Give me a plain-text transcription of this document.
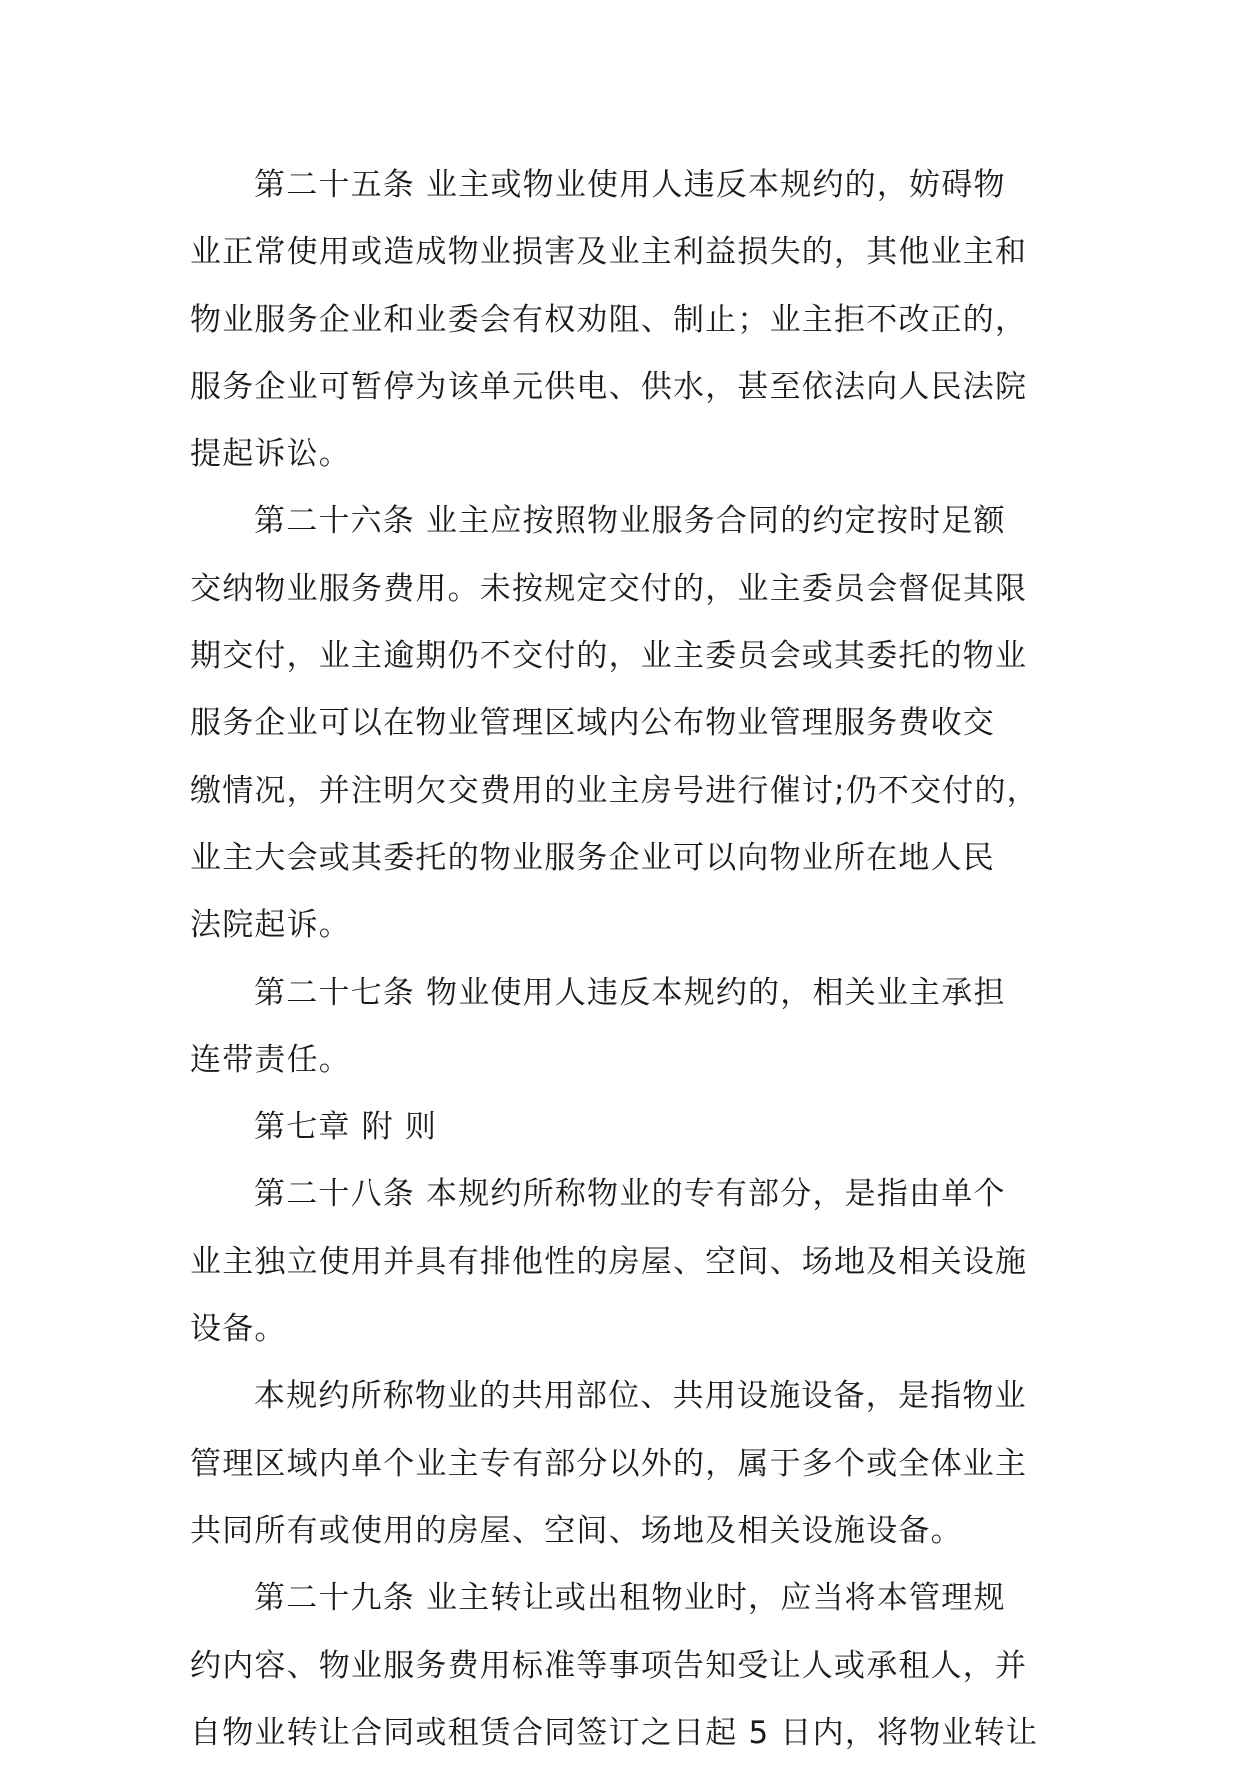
第二十五条 业主或物业使用人违反本规约的，妨碍物
业正常使用或造成物业损害及业主利益损失的，其他业主和
物业服务企业和业委会有权劝阻、制止；业主拒不改正的，
服务企业可暂停为该单元供电、供水，甚至依法向人民法院
提起诉讼。
第二十六条 业主应按照物业服务合同的约定按时足额
交纳物业服务费用。未按规定交付的，业主委员会督促其限
期交付，业主逾期仍不交付的，业主委员会或其委托的物业
服务企业可以在物业管理区域内公布物业管理服务费收交
缴情况，并注明欠交费用的业主房号进行催讨;仍不交付的，
业主大会或其委托的物业服务企业可以向物业所在地人民
法院起诉。
第二十七条 物业使用人违反本规约的，相关业主承担
连带责任。
第七章 附 则
第二十八条 本规约所称物业的专有部分，是指由单个
业主独立使用并具有排他性的房屋、空间、场地及相关设施
设备。
本规约所称物业的共用部位、共用设施设备，是指物业
管理区域内单个业主专有部分以外的，属于多个或全体业主
共同所有或使用的房屋、空间、场地及相关设施设备。
第二十九条 业主转让或出租物业时，应当将本管理规
约内容、物业服务费用标准等事项告知受让人或承租人，并
自物业转让合同或租赁合同签订之日起 5 日内，将物业转让
